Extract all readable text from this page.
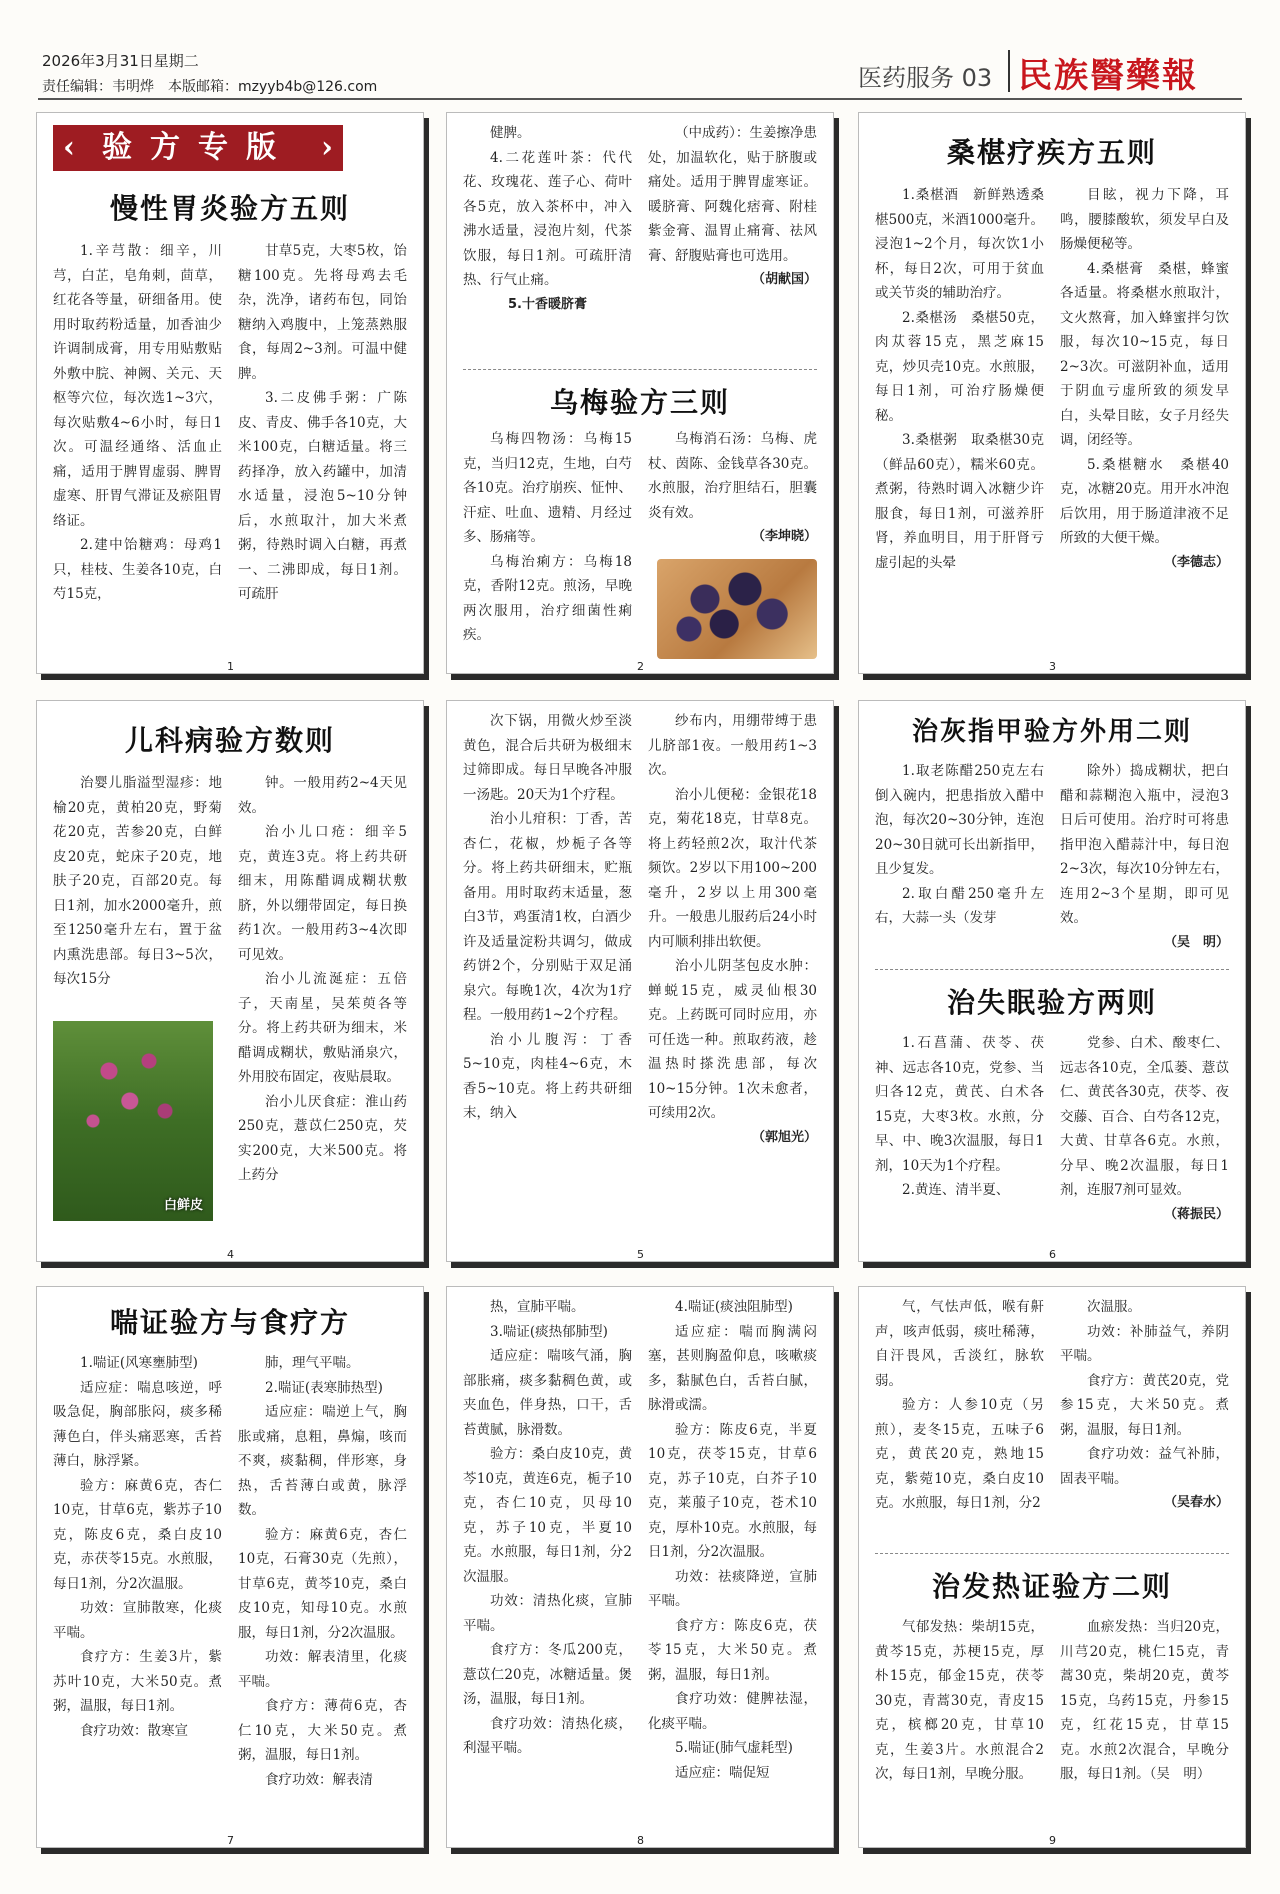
2026年3月31日星期二
责任编辑：韦明烨　本版邮箱：mzyyb4b@126.com	医药服务 03 民族醫藥報
‹ 验方专版 ›
慢性胃炎验方五则

1.辛芎散：细辛，川芎，白芷，皂角刺，茴草，红花各等量，研细备用。使用时取药粉适量，加香油少许调制成膏，用专用贴敷贴外敷中脘、神阙、关元、天枢等穴位，每次选1~3穴，每次贴敷4~6小时，每日1次。可温经通络、活血止痛，适用于脾胃虚弱、脾胃虚寒、肝胃气滞证及瘀阻胃络证。

2.建中饴糖鸡：母鸡1只，桂枝、生姜各10克，白芍15克，

甘草5克，大枣5枚，饴糖100克。先将母鸡去毛杂，洗净，诸药布包，同饴糖纳入鸡腹中，上笼蒸熟服食，每周2~3剂。可温中健脾。

3.二皮佛手粥：广陈皮、青皮、佛手各10克，大米100克，白糖适量。将三药择净，放入药罐中，加清水适量，浸泡5~10分钟后，水煎取汁，加大米煮粥，待熟时调入白糖，再煮一、二沸即成，每日1剂。可疏肝

1

健脾。

4.二花莲叶茶：代代花、玫瑰花、莲子心、荷叶各5克，放入茶杯中，冲入沸水适量，浸泡片刻，代茶饮服，每日1剂。可疏肝清热、行气止痛。

5.十香暖脐膏

（中成药）：生姜擦净患处，加温软化，贴于脐腹或痛处。适用于脾胃虚寒证。暖脐膏、阿魏化痞膏、附桂紫金膏、温胃止痛膏、祛风膏、舒腹贴膏也可选用。

（胡献国）
乌梅验方三则

乌梅四物汤：乌梅15克，当归12克，生地，白芍各10克。治疗崩疾、怔忡、汗症、吐血、遗精、月经过多、肠痛等。

乌梅治痢方：乌梅18克，香附12克。煎汤，早晚两次服用，治疗细菌性痢疾。

乌梅消石汤：乌梅、虎杖、茵陈、金钱草各30克。水煎服，治疗胆结石，胆囊炎有效。

（李坤晓）
2
桑椹疗疾方五则

1.桑椹酒　新鲜熟透桑椹500克，米酒1000毫升。浸泡1~2个月，每次饮1小杯，每日2次，可用于贫血或关节炎的辅助治疗。

2.桑椹汤　桑椹50克，肉苁蓉15克，黑芝麻15克，炒贝壳10克。水煎服，每日1剂，可治疗肠燥便秘。

3.桑椹粥　取桑椹30克（鲜品60克），糯米60克。煮粥，待熟时调入冰糖少许服食，每日1剂，可滋养肝肾，养血明目，用于肝肾亏虚引起的头晕

目眩，视力下降，耳鸣，腰膝酸软，须发早白及肠燥便秘等。

4.桑椹膏　桑椹，蜂蜜各适量。将桑椹水煎取汁，文火熬膏，加入蜂蜜拌匀饮服，每次10~15克，每日2~3次。可滋阴补血，适用于阴血亏虚所致的须发早白，头晕目眩，女子月经失调，闭经等。

5.桑椹糖水　桑椹40克，冰糖20克。用开水冲泡后饮用，用于肠道津液不足所致的大便干燥。

（李德志）
3
儿科病验方数则

治婴儿脂溢型湿疹：地榆20克，黄柏20克，野菊花20克，苦参20克，白鲜皮20克，蛇床子20克，地肤子20克，百部20克。每日1剂，加水2000毫升，煎至1250毫升左右，置于盆内熏洗患部。每日3~5次，每次15分

钟。一般用药2~4天见效。

治小儿口疮：细辛5克，黄连3克。将上药共研细末，用陈醋调成糊状敷脐，外以绷带固定，每日换药1次。一般用药3~4次即可见效。

治小儿流涎症：五倍子，天南星，吴茱萸各等分。将上药共研为细末，米醋调成糊状，敷贴涌泉穴，外用胶布固定，夜贴晨取。

治小儿厌食症：淮山药250克，薏苡仁250克，芡实200克，大米500克。将上药分

白鲜皮
4

次下锅，用微火炒至淡黄色，混合后共研为极细末过筛即成。每日早晚各冲服一汤匙。20天为1个疗程。

治小儿疳积：丁香，苦杏仁，花椒，炒栀子各等分。将上药共研细末，贮瓶备用。用时取药末适量，葱白3节，鸡蛋清1枚，白酒少许及适量淀粉共调匀，做成药饼2个，分别贴于双足涌泉穴。每晚1次，4次为1疗程。一般用药1~2个疗程。

治小儿腹泻：丁香5~10克，肉桂4~6克，木香5~10克。将上药共研细末，纳入

纱布内，用绷带缚于患儿脐部1夜。一般用药1~3次。

治小儿便秘：金银花18克，菊花18克，甘草8克。将上药轻煎2次，取汁代茶频饮。2岁以下用100~200毫升，2岁以上用300毫升。一般患儿服药后24小时内可顺利排出软便。

治小儿阴茎包皮水肿：蝉蜕15克，威灵仙根30克。上药既可同时应用，亦可任选一种。煎取药液，趁温热时搽洗患部，每次10~15分钟。1次未愈者，可续用2次。

（郭旭光）
5
治灰指甲验方外用二则

1.取老陈醋250克左右倒入碗内，把患指放入醋中泡，每次20~30分钟，连泡20~30日就可长出新指甲，且少复发。

2.取白醋250毫升左右，大蒜一头（发芽

除外）捣成糊状，把白醋和蒜糊泡入瓶中，浸泡3日后可使用。治疗时可将患指甲泡入醋蒜汁中，每日泡2~3次，每次10分钟左右，连用2~3个星期，即可见效。

（吴　明）
治失眠验方两则

1.石菖蒲、茯苓、茯神、远志各10克，党参、当归各12克，黄芪、白术各15克，大枣3枚。水煎，分早、中、晚3次温服，每日1剂，10天为1个疗程。

2.黄连、清半夏、

党参、白术、酸枣仁、远志各10克，全瓜蒌、薏苡仁、黄芪各30克，茯苓、夜交藤、百合、白芍各12克，大黄、甘草各6克。水煎，分早、晚2次温服，每日1剂，连服7剂可显效。

（蒋振民）
6
喘证验方与食疗方

1.喘证(风寒壅肺型)

适应症：喘息咳逆，呼吸急促，胸部胀闷，痰多稀薄色白，伴头痛恶寒，舌苔薄白，脉浮紧。

验方：麻黄6克，杏仁10克，甘草6克，紫苏子10克，陈皮6克，桑白皮10克，赤茯苓15克。水煎服，每日1剂，分2次温服。

功效：宣肺散寒，化痰平喘。

食疗方：生姜3片，紫苏叶10克，大米50克。煮粥，温服，每日1剂。

食疗功效：散寒宣

肺，理气平喘。

2.喘证(表寒肺热型)

适应症：喘逆上气，胸胀或痛，息粗，鼻煽，咳而不爽，痰黏稠，伴形寒，身热，舌苔薄白或黄，脉浮数。

验方：麻黄6克，杏仁10克，石膏30克（先煎），甘草6克，黄芩10克，桑白皮10克，知母10克。水煎服，每日1剂，分2次温服。

功效：解表清里，化痰平喘。

食疗方：薄荷6克，杏仁10克，大米50克。煮粥，温服，每日1剂。

食疗功效：解表清

7

热，宣肺平喘。

3.喘证(痰热郁肺型)

适应症：喘咳气涌，胸部胀痛，痰多黏稠色黄，或夹血色，伴身热，口干，舌苔黄腻，脉滑数。

验方：桑白皮10克，黄芩10克，黄连6克，栀子10克，杏仁10克，贝母10克，苏子10克，半夏10克。水煎服，每日1剂，分2次温服。

功效：清热化痰，宣肺平喘。

食疗方：冬瓜200克，薏苡仁20克，冰糖适量。煲汤，温服，每日1剂。

食疗功效：清热化痰，利湿平喘。

4.喘证(痰浊阻肺型)

适应症：喘而胸满闷塞，甚则胸盈仰息，咳嗽痰多，黏腻色白，舌苔白腻，脉滑或濡。

验方：陈皮6克，半夏10克，茯苓15克，甘草6克，苏子10克，白芥子10克，莱菔子10克，苍术10克，厚朴10克。水煎服，每日1剂，分2次温服。

功效：祛痰降逆，宣肺平喘。

食疗方：陈皮6克，茯苓15克，大米50克。煮粥，温服，每日1剂。

食疗功效：健脾祛湿，化痰平喘。

5.喘证(肺气虚耗型)

适应症：喘促短

8

气，气怯声低，喉有鼾声，咳声低弱，痰吐稀薄，自汗畏风，舌淡红，脉软弱。

验方：人参10克（另煎），麦冬15克，五味子6克，黄芪20克，熟地15克，紫菀10克，桑白皮10克。水煎服，每日1剂，分2

次温服。

功效：补肺益气，养阴平喘。

食疗方：黄芪20克，党参15克，大米50克。煮粥，温服，每日1剂。

食疗功效：益气补肺，固表平喘。

（吴春水）
治发热证验方二则

气郁发热：柴胡15克，黄芩15克，苏梗15克，厚朴15克，郁金15克，茯苓30克，青蒿30克，青皮15克，槟榔20克，甘草10克，生姜3片。水煎混合2次，每日1剂，早晚分服。

血瘀发热：当归20克，川芎20克，桃仁15克，青蒿30克，柴胡20克，黄芩15克，乌药15克，丹参15克，红花15克，甘草15克。水煎2次混合，早晚分服，每日1剂。（吴　明）

9
